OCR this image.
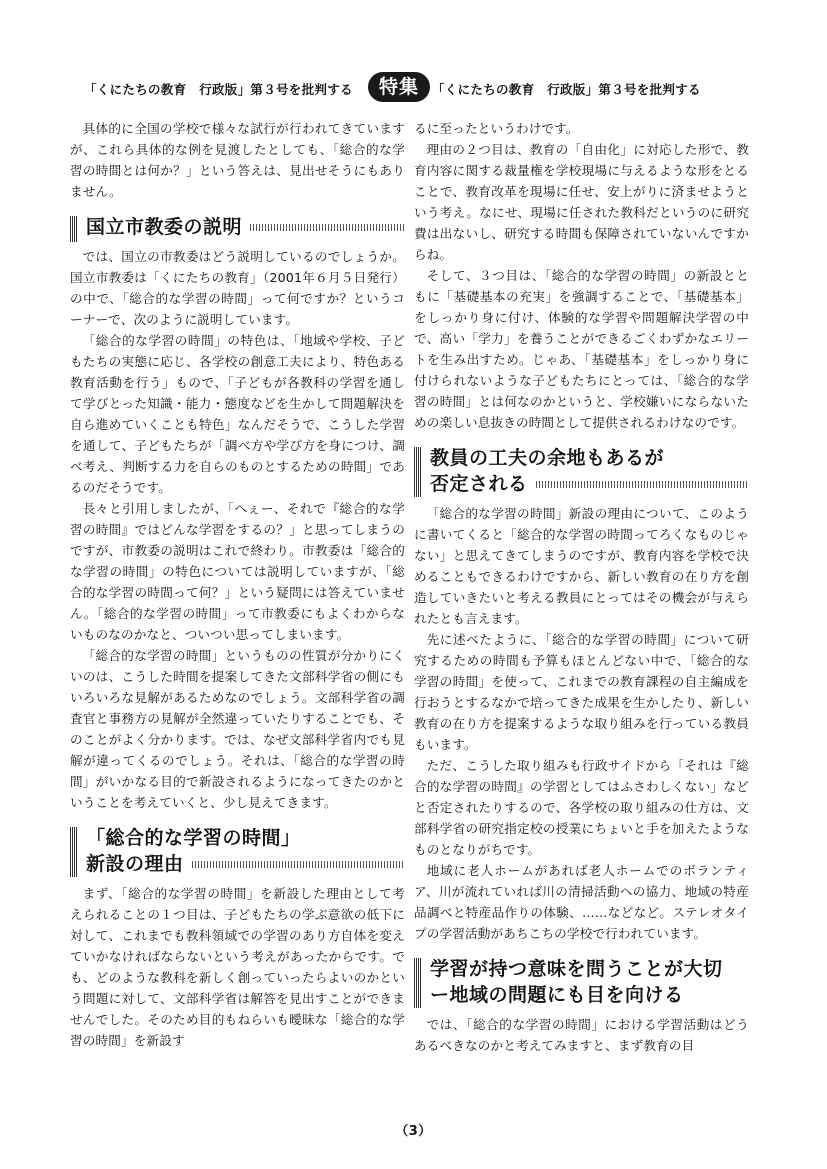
「くにたちの教育　行政版」第３号を批判する	特集	「くにたちの教育　行政版」第３号を批判する

具体的に全国の学校で様々な試行が行われてきていますが、これら具体的な例を見渡したとしても、「総合的な学習の時間とは何か？」という答えは、見出せそうにもありません。

国立市教委の説明

では、国立の市教委はどう説明しているのでしょうか。国立市教委は「くにたちの教育」（2001年６月５日発行）の中で、「総合的な学習の時間」って何ですか？というコーナーで、次のように説明しています。

「総合的な学習の時間」の特色は、「地域や学校、子どもたちの実態に応じ、各学校の創意工夫により、特色ある教育活動を行う」もので、「子どもが各教科の学習を通して学びとった知識・能力・態度などを生かして問題解決を自ら進めていくことも特色」なんだそうで、こうした学習を通して、子どもたちが「調べ方や学び方を身につけ、調べ考え、判断する力を自らのものとするための時間」であるのだそうです。

長々と引用しましたが、「へぇー、それで『総合的な学習の時間』ではどんな学習をするの？」と思ってしまうのですが、市教委の説明はこれで終わり。市教委は「総合的な学習の時間」の特色については説明していますが、「総合的な学習の時間って何？」という疑問には答えていません。「総合的な学習の時間」って市教委にもよくわからないものなのかなと、ついつい思ってしまいます。

「総合的な学習の時間」というものの性質が分かりにくいのは、こうした時間を提案してきた文部科学省の側にもいろいろな見解があるためなのでしょう。文部科学省の調査官と事務方の見解が全然違っていたりすることでも、そのことがよく分かります。では、なぜ文部科学省内でも見解が違ってくるのでしょう。それは、「総合的な学習の時間」がいかなる目的で新設されるようになってきたのかということを考えていくと、少し見えてきます。

「総合的な学習の時間」
新設の理由

まず、「総合的な学習の時間」を新設した理由として考えられることの１つ目は、子どもたちの学ぶ意欲の低下に対して、これまでも教科領域での学習のあり方自体を変えていかなければならないという考えがあったからです。でも、どのような教科を新しく創っていったらよいのかという問題に対して、文部科学省は解答を見出すことができませんでした。そのため目的もねらいも曖昧な「総合的な学習の時間」を新設す

るに至ったというわけです。

理由の２つ目は、教育の「自由化」に対応した形で、教育内容に関する裁量権を学校現場に与えるような形をとることで、教育改革を現場に任せ、安上がりに済ませようという考え。なにせ、現場に任された教科だというのに研究費は出ないし、研究する時間も保障されていないんですからね。

そして、３つ目は、「総合的な学習の時間」の新設とともに「基礎基本の充実」を強調することで、「基礎基本」をしっかり身に付け、体験的な学習や問題解決学習の中で、高い「学力」を養うことができるごくわずかなエリートを生み出すため。じゃあ、「基礎基本」をしっかり身に付けられないような子どもたちにとっては、「総合的な学習の時間」とは何なのかというと、学校嫌いにならないための楽しい息抜きの時間として提供されるわけなのです。

教員の工夫の余地もあるが
否定される

「総合的な学習の時間」新設の理由について、このように書いてくると「総合的な学習の時間ってろくなものじゃない」と思えてきてしまうのですが、教育内容を学校で決めることもできるわけですから、新しい教育の在り方を創造していきたいと考える教員にとってはその機会が与えられたとも言えます。

先に述べたように、「総合的な学習の時間」について研究するための時間も予算もほとんどない中で、「総合的な学習の時間」を使って、これまでの教育課程の自主編成を行おうとするなかで培ってきた成果を生かしたり、新しい教育の在り方を提案するような取り組みを行っている教員もいます。

ただ、こうした取り組みも行政サイドから「それは『総合的な学習の時間』の学習としてはふさわしくない」などと否定されたりするので、各学校の取り組みの仕方は、文部科学省の研究指定校の授業にちょいと手を加えたようなものとなりがちです。

地域に老人ホームがあれば老人ホームでのボランティア、川が流れていれば川の清掃活動への協力、地域の特産品調べと特産品作りの体験、……などなど。ステレオタイプの学習活動があちこちの学校で行われています。

学習が持つ意味を問うことが大切
ー地域の問題にも目を向ける

では、「総合的な学習の時間」における学習活動はどうあるべきなのかと考えてみますと、まず教育の目

（3）
